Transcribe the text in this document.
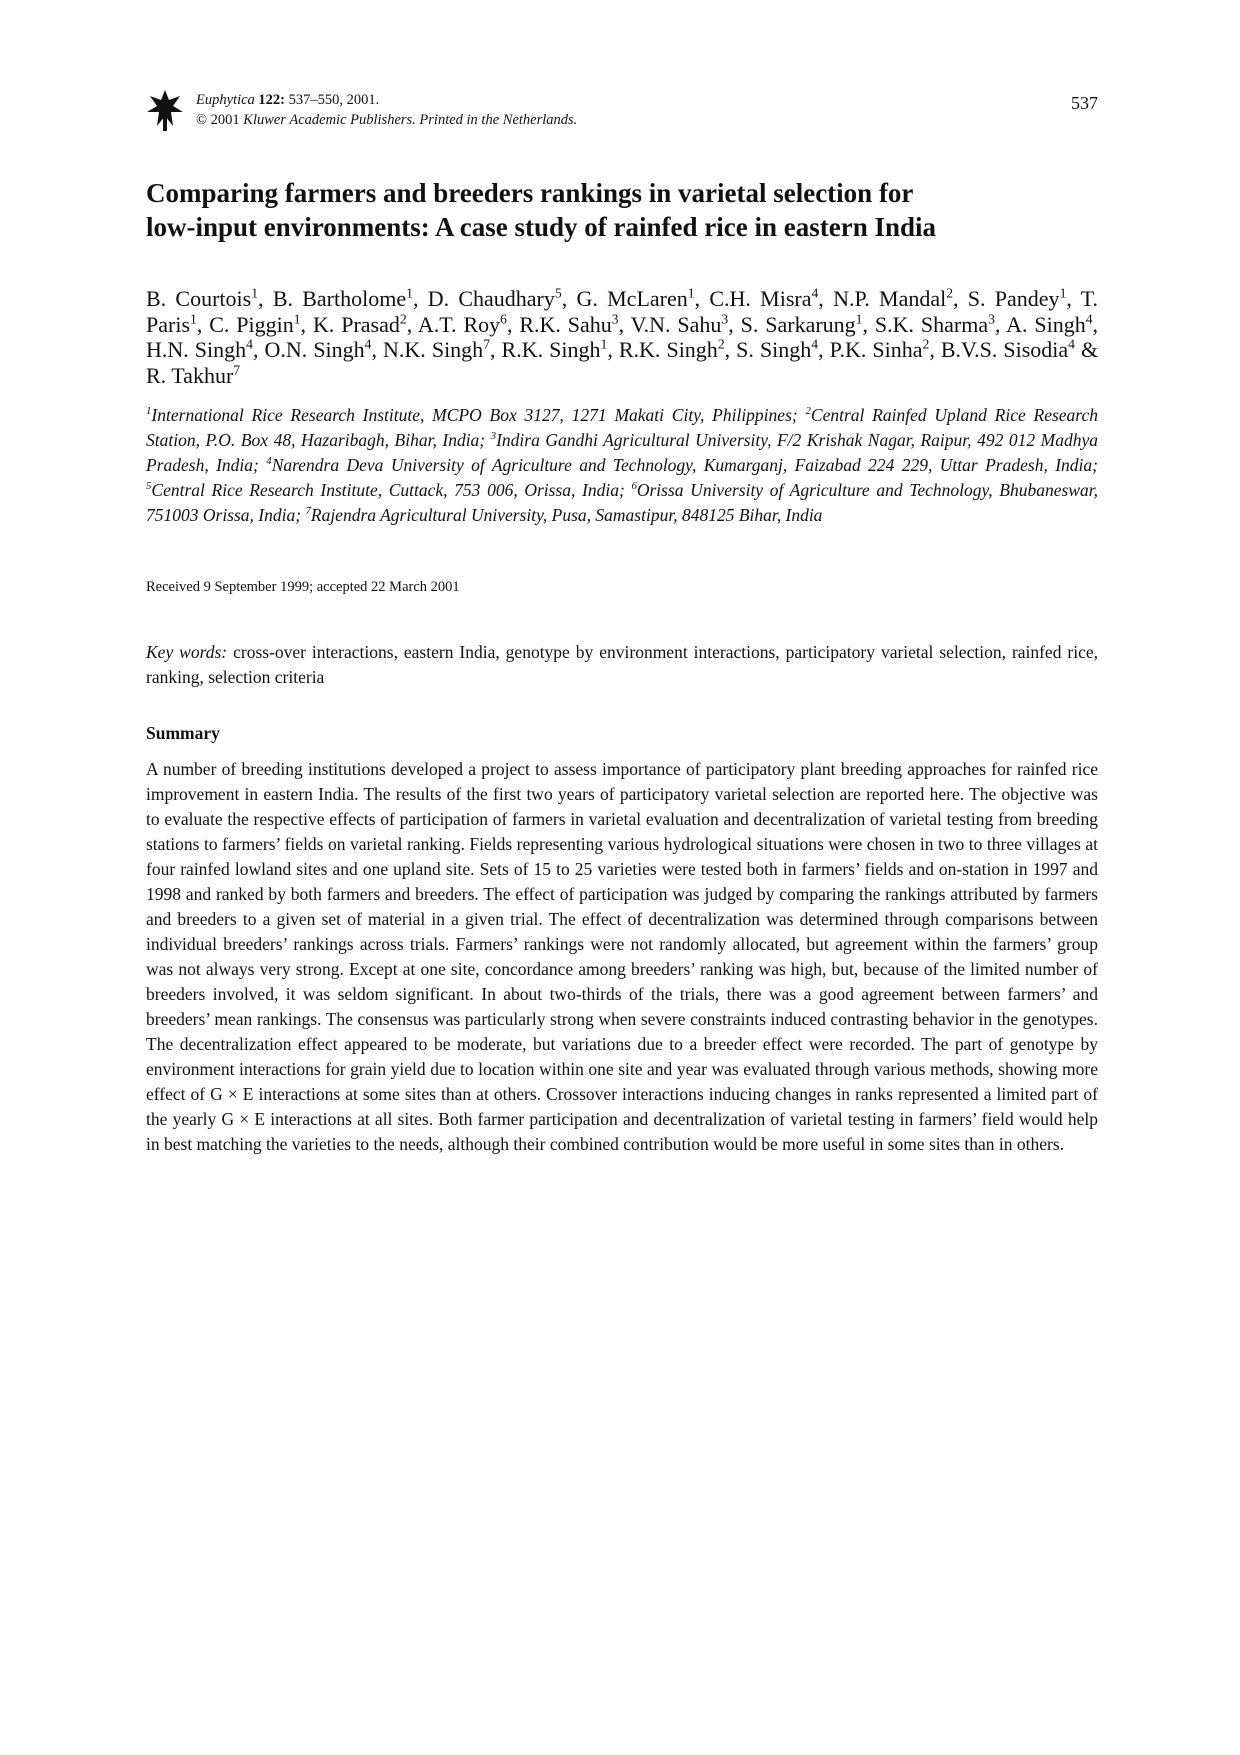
Euphytica 122: 537–550, 2001.
© 2001 Kluwer Academic Publishers. Printed in the Netherlands.
537
Comparing farmers and breeders rankings in varietal selection for
low-input environments: A case study of rainfed rice in eastern India
B. Courtois$^1$, B. Bartholome$^1$, D. Chaudhary$^5$, G. McLaren$^1$, C.H. Misra$^4$, N.P. Mandal$^2$, S. Pandey$^1$, T. Paris$^1$, C. Piggin$^1$, K. Prasad$^2$, A.T. Roy$^6$, R.K. Sahu$^3$, V.N. Sahu$^3$, S. Sarkarung$^1$, S.K. Sharma$^3$, A. Singh$^4$, H.N. Singh$^4$, O.N. Singh$^4$, N.K. Singh$^7$, R.K. Singh$^1$, R.K. Singh$^2$, S. Singh$^4$, P.K. Sinha$^2$, B.V.S. Sisodia$^4$ & R. Takhur$^7$
$^1$International Rice Research Institute, MCPO Box 3127, 1271 Makati City, Philippines; $^2$Central Rainfed Upland Rice Research Station, P.O. Box 48, Hazaribagh, Bihar, India; $^3$Indira Gandhi Agricultural University, F/2 Krishak Nagar, Raipur, 492 012 Madhya Pradesh, India; $^4$Narendra Deva University of Agriculture and Technology, Kumarganj, Faizabad 224 229, Uttar Pradesh, India; $^5$Central Rice Research Institute, Cuttack, 753 006, Orissa, India; $^6$Orissa University of Agriculture and Technology, Bhubaneswar, 751003 Orissa, India; $^7$Rajendra Agricultural University, Pusa, Samastipur, 848125 Bihar, India
Received 9 September 1999; accepted 22 March 2001
Key words: cross-over interactions, eastern India, genotype by environment interactions, participatory varietal selection, rainfed rice, ranking, selection criteria
Summary
A number of breeding institutions developed a project to assess importance of participatory plant breeding approaches for rainfed rice improvement in eastern India. The results of the first two years of participatory varietal selection are reported here. The objective was to evaluate the respective effects of participation of farmers in varietal evaluation and decentralization of varietal testing from breeding stations to farmers’ fields on varietal ranking. Fields representing various hydrological situations were chosen in two to three villages at four rainfed lowland sites and one upland site. Sets of 15 to 25 varieties were tested both in farmers’ fields and on-station in 1997 and 1998 and ranked by both farmers and breeders. The effect of participation was judged by comparing the rankings attributed by farmers and breeders to a given set of material in a given trial. The effect of decentralization was determined through comparisons between individual breeders’ rankings across trials. Farmers’ rankings were not randomly allocated, but agreement within the farmers’ group was not always very strong. Except at one site, concordance among breeders’ ranking was high, but, because of the limited number of breeders involved, it was seldom significant. In about two-thirds of the trials, there was a good agreement between farmers’ and breeders’ mean rankings. The consensus was particularly strong when severe constraints induced contrasting behavior in the genotypes. The decentralization effect appeared to be moderate, but variations due to a breeder effect were recorded. The part of genotype by environment interactions for grain yield due to location within one site and year was evaluated through various methods, showing more effect of G × E interactions at some sites than at others. Crossover interactions inducing changes in ranks represented a limited part of the yearly G × E interactions at all sites. Both farmer participation and decentralization of varietal testing in farmers’ field would help in best matching the varieties to the needs, although their combined contribution would be more useful in some sites than in others.
